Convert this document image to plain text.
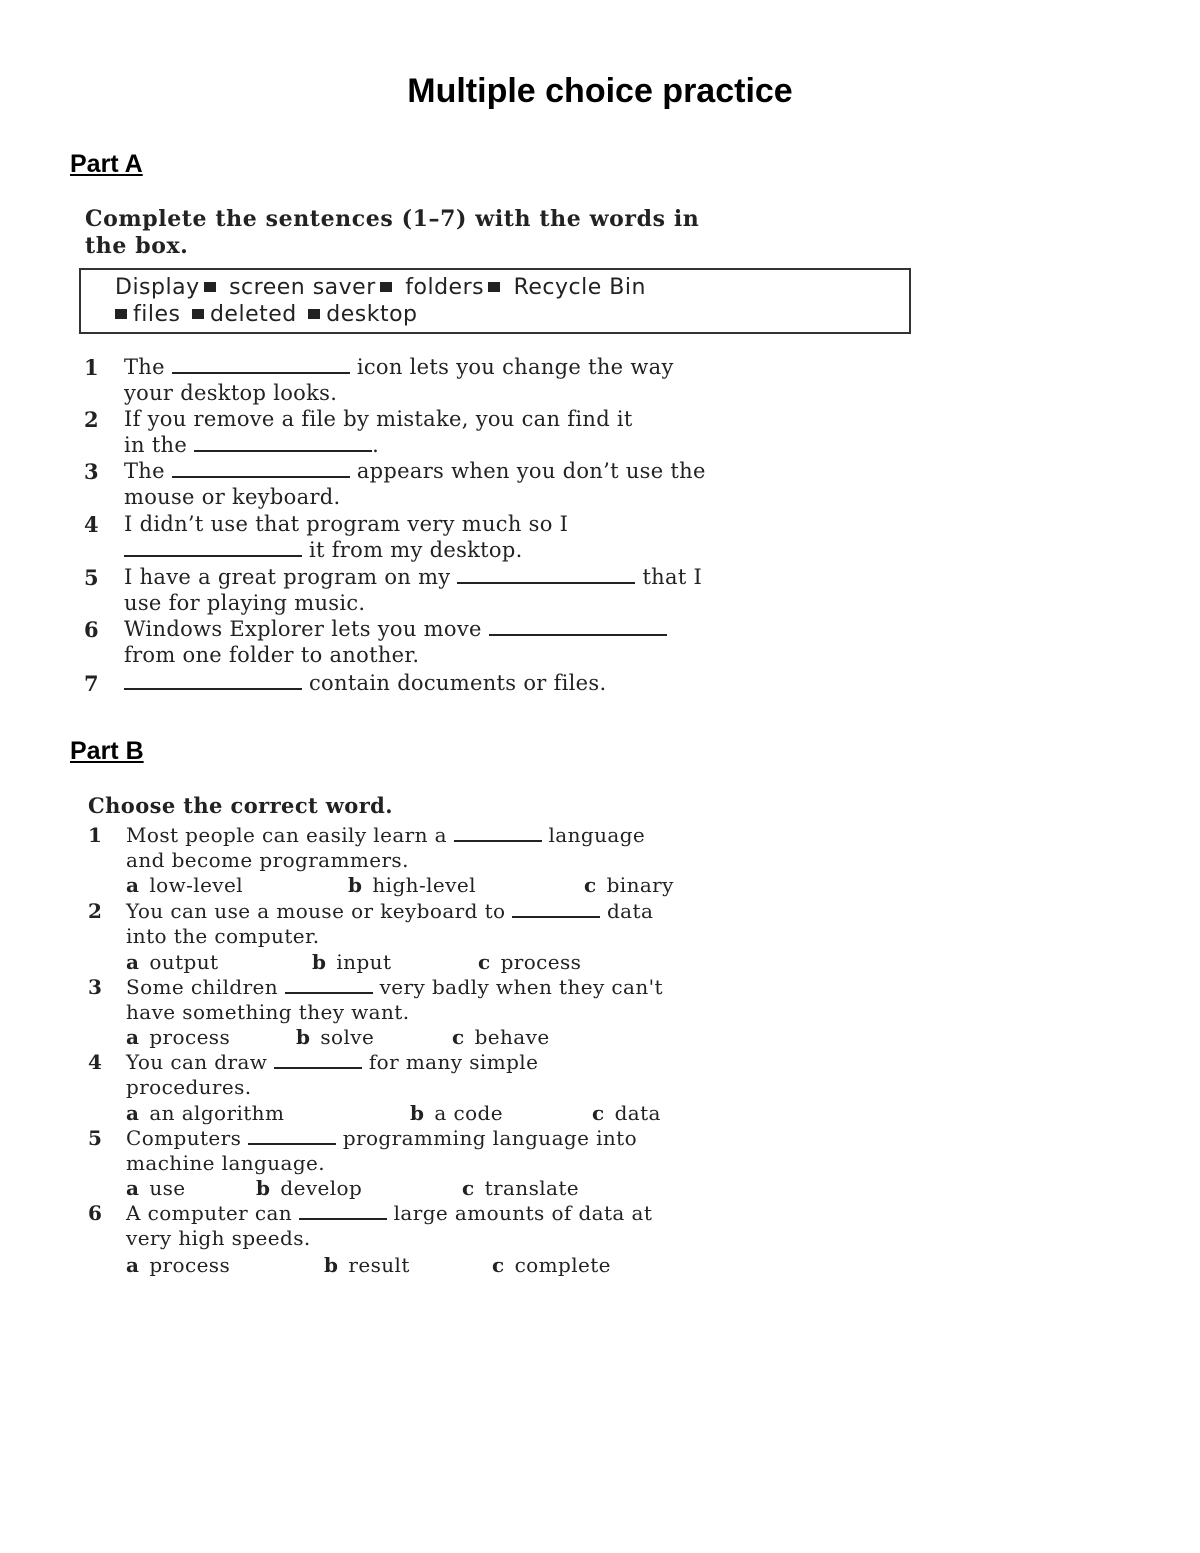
Multiple choice practice
Part A
Complete the sentences (1–7) with the words in
the box.
Display screen saver folders Recycle Bin
files deleted desktop
1 The	icon lets you change the way
your desktop looks.
2 If you remove a file by mistake, you can find it
in the	.
3 The	appears when you don’t use the
mouse or keyboard.
4 I didn’t use that program very much so I
it from my desktop.
5 I have a great program on my	that I
use for playing music.
6 Windows Explorer lets you move
from one folder to another.
7	contain documents or files.
Part B
Choose the correct word.
1 Most people can easily learn a	language
and become programmers.
a low-level	b high-level	c binary
2 You can use a mouse or keyboard to	data
into the computer.
a output	b input	c process
3 Some children	very badly when they can't
have something they want.
a process	b solve	c behave
4 You can draw	for many simple
procedures.
a an algorithm	b a code	c data
5 Computers	programming language into
machine language.
a use	b develop	c translate
6 A computer can	large amounts of data at
very high speeds.
a process	b result	c complete
